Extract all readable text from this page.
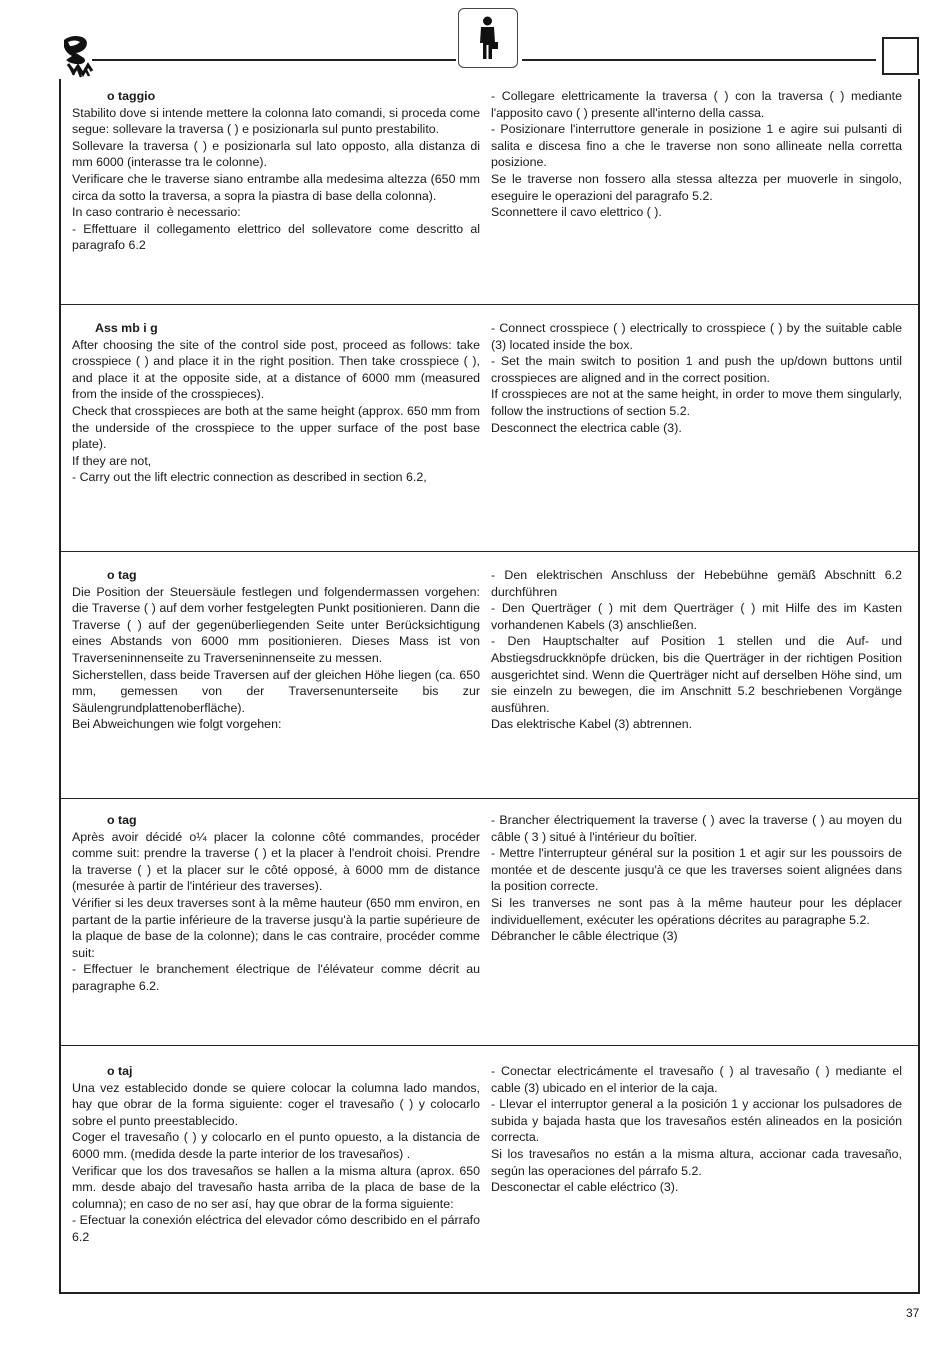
o taggio

Stabilito dove si intende mettere la colonna lato comandi, si proceda come segue: sollevare la traversa ( ) e posizionarla sul punto prestabilito.

Sollevare la traversa ( ) e posizionarla sul lato opposto, alla distanza di mm 6000 (interasse tra le colonne).

Verificare che le traverse siano entrambe alla medesima altezza (650 mm circa da sotto la traversa, a sopra la piastra di base della colonna).

In caso contrario è necessario:

- Effettuare il collegamento elettrico del sollevatore come descritto al paragrafo 6.2

- Collegare elettricamente la traversa ( ) con la traversa ( ) mediante l'apposito cavo ( ) presente all'interno della cassa.

- Posizionare l'interruttore generale in posizione 1 e agire sui pulsanti di salita e discesa fino a che le traverse non sono allineate nella corretta posizione.

Se le traverse non fossero alla stessa altezza per muoverle in singolo, eseguire le operazioni del paragrafo 5.2.

Sconnettere il cavo elettrico ( ).

Ass mb i g

After choosing the site of the control side post, proceed as follows: take crosspiece ( ) and place it in the right position. Then take crosspiece ( ), and place it at the opposite side, at a distance of 6000 mm (measured from the inside of the crosspieces).

Check that crosspieces are both at the same height (approx. 650 mm from the underside of the crosspiece to the upper surface of the post base plate).

If they are not,

- Carry out the lift electric connection as described in section 6.2,

- Connect crosspiece ( ) electrically to crosspiece ( ) by the suitable cable (3) located inside the box.

- Set the main switch to position 1 and push the up/down buttons until crosspieces are aligned and in the correct position.

If crosspieces are not at the same height, in order to move them singularly, follow the instructions of section 5.2.

Desconnect the electrica cable (3).

o tag

Die Position der Steuersäule festlegen und folgendermassen vorgehen: die Traverse ( ) auf dem vorher festgelegten Punkt positionieren. Dann die Traverse ( ) auf der gegenüberliegenden Seite unter Berücksichtigung eines Abstands von 6000 mm positionieren. Dieses Mass ist von Traverseninnenseite zu Traverseninnenseite zu messen.

Sicherstellen, dass beide Traversen auf der gleichen Höhe liegen (ca. 650 mm, gemessen von der Traversenunterseite bis zur Säulengrundplattenoberfläche).

Bei Abweichungen wie folgt vorgehen:

- Den elektrischen Anschluss der Hebebühne gemäß Abschnitt 6.2 durchführen

- Den Querträger ( ) mit dem Querträger ( ) mit Hilfe des im Kasten vorhandenen Kabels (3) anschließen.

- Den Hauptschalter auf Position 1 stellen und die Auf- und Abstiegsdruckknöpfe drücken, bis die Querträger in der richtigen Position ausgerichtet sind. Wenn die Querträger nicht auf derselben Höhe sind, um sie einzeln zu bewegen, die im Anschnitt 5.2 beschriebenen Vorgänge ausführen.

Das elektrische Kabel (3) abtrennen.

o tag

Après avoir décidé o¼ placer la colonne côté commandes, procéder comme suit: prendre la traverse ( ) et la placer à l'endroit choisi. Prendre la traverse ( ) et la placer sur le côté opposé, à 6000 mm de distance (mesurée à partir de l'intérieur des traverses).

Vérifier si les deux traverses sont à la même hauteur (650 mm environ, en partant de la partie inférieure de la traverse jusqu'à la partie supérieure de la plaque de base de la colonne); dans le cas contraire, procéder comme suit:

- Effectuer le branchement électrique de l'élévateur comme décrit au paragraphe 6.2.

- Brancher électriquement la traverse ( ) avec la traverse ( ) au moyen du câble ( 3 ) situé à l'intérieur du boîtier.

- Mettre l'interrupteur général sur la position 1 et agir sur les poussoirs de montée et de descente jusqu'à ce que les traverses soient alignées dans la position correcte.

Si les tranverses ne sont pas à la même hauteur pour les déplacer individuellement, exécuter les opérations décrites au paragraphe 5.2.

Débrancher le câble électrique (3)

o taj

Una vez establecido donde se quiere colocar la columna lado mandos, hay que obrar de la forma siguiente: coger el travesaño ( ) y colocarlo sobre el punto preestablecido.

Coger el travesaño ( ) y colocarlo en el punto opuesto, a la distancia de 6000 mm. (medida desde la parte interior de los travesaños) .

Verificar que los dos travesaños se hallen a la misma altura (aprox. 650 mm. desde abajo del travesaño hasta arriba de la placa de base de la columna); en caso de no ser así, hay que obrar de la forma siguiente:

- Efectuar la conexión eléctrica del elevador cómo describido en el párrafo 6.2

- Conectar electricámente el travesaño ( ) al travesaño ( ) mediante el cable (3) ubicado en el interior de la caja.

- Llevar el interruptor general a la posición 1 y accionar los pulsadores de subida y bajada hasta que los travesaños estén alineados en la posición correcta.

Si los travesaños no están a la misma altura, accionar cada travesaño, según las operaciones del párrafo 5.2.

Desconectar el cable eléctrico (3).

37
